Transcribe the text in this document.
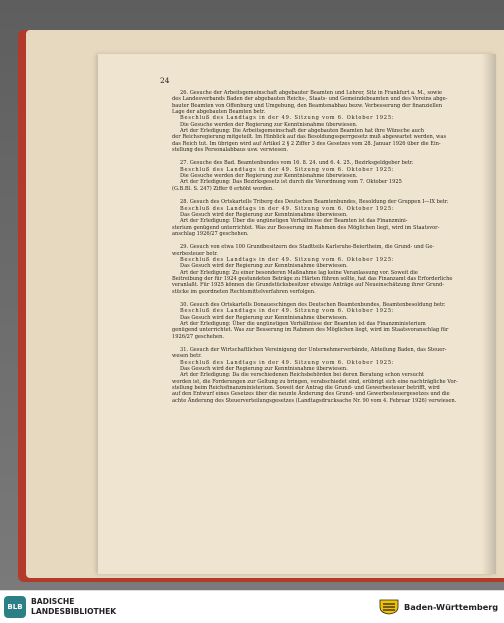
24

26. Gesuche der Arbeitsgemeinschaft abgebauter Beamten und Lehrer, Sitz in Frankfurt a. M., sowie

des Landesverbands Baden der abgebauten Reichs-, Staats- und Gemeindebeamten und des Vereins abge-

bauter Beamten von Offenburg und Umgebung, den Beamtenabbau bezw. Verbesserung der finanziellen

Lage der abgebauten Beamten betr.

Beschluß des Landtags in der 49. Sitzung vom 6. Oktober 1925:

Die Gesuche werden der Regierung zur Kenntnisnahme überwiesen.

Art der Erledigung: Die Arbeitsgemeinschaft der abgebauten Beamten hat ihre Wünsche auch

der Reichsregierung mitgeteilt. Im Hinblick auf das Besoldungssperrgesetz muß abgewartet werden, was

das Reich tut. Im übrigen wird auf Artikel 2 § 2 Ziffer 3 des Gesetzes vom 28. Januar 1926 über die Ein-

stellung des Personalabbaus usw. verwiesen.

27. Gesuche des Bad. Beamtenbundes vom 16. 8. 24. und 6. 4. 25., Bezirksgeldgeber betr.

Beschluß des Landtags in der 49. Sitzung vom 6. Oktober 1925:

Die Gesuche werden der Regierung zur Kenntnisnahme überwiesen.

Art der Erledigung: Das Bezirksgesetz ist durch die Verordnung vom 7. Oktober 1925

(G.B.Bl. S. 247) Ziffer 6 erhöht worden.

28. Gesuch des Ortskartells Triberg des Deutschen Beamtenbundes, Besoldung der Gruppen I—IX betr.

Beschluß des Landtags in der 49. Sitzung vom 6. Oktober 1925:

Das Gesuch wird der Regierung zur Kenntnisnahme überwiesen.

Art der Erledigung: Über die ungünstigen Verhältnisse der Beamten ist das Finanzmini-

sterium genügend unterrichtet. Was zur Besserung im Rahmen des Möglichen liegt, wird im Staatsvor-

anschlag 1926/27 geschehen.

29. Gesuch von etwa 100 Grundbesitzern des Stadtteils Karlsruhe-Beiertheim, die Grund- und Ge-

werbesteuer betr.

Beschluß des Landtags in der 49. Sitzung vom 6. Oktober 1925:

Das Gesuch wird der Regierung zur Kenntnisnahme überwiesen.

Art der Erledigung: Zu einer besonderen Maßnahme lag keine Veranlassung vor. Soweit die

Beitreibung der für 1924 gestundeten Beträge zu Härten führen sollte, hat das Finanzamt das Erforderliche

veranlaßt. Für 1925 können die Grundstücksbesitzer etwaige Anträge auf Neueinschätzung ihrer Grund-

stücke im geordneten Rechtsmittelverfahren verfolgen.

30. Gesuch des Ortskartells Donaueschingen des Deutschen Beamtenbundes, Beamtenbesoldung betr.

Beschluß des Landtags in der 49. Sitzung vom 6. Oktober 1925:

Das Gesuch wird der Regierung zur Kenntnisnahme überwiesen.

Art der Erledigung: Über die ungünstigen Verhältnisse der Beamten ist das Finanzministerium

genügend unterrichtet. Was zur Besserung im Rahmen des Möglichen liegt, wird im Staatsvoranschlag für

1926/27 geschehen.

31. Gesuch der Wirtschaftlichen Vereinigung der Unternehmerverbände, Abteilung Baden, das Steuer-

wesen betr.

Beschluß des Landtags in der 49. Sitzung vom 6. Oktober 1925:

Das Gesuch wird der Regierung zur Kenntnisnahme überwiesen.

Art der Erledigung: Da die verschiedenen Reichsbehörden bei deren Beratung schon versucht

worden ist, die Forderungen zur Geltung zu bringen, verabschiedet sind, erübrigt sich eine nachträgliche Vor-

stellung beim Reichsfinanzministerium. Soweit der Antrag die Grund- und Gewerbesteuer betrifft, wird

auf den Entwurf eines Gesetzes über die neunte Änderung des Grund- und Gewerbesteuergesetzes und die

achte Änderung des Steuerverteilungsgesetzes (Landtagsdrucksache Nr. 90 vom 4. Februar 1926) verwiesen.

BLB
BADISCHE
LANDESBIBLIOTHEK	Baden-Württemberg
